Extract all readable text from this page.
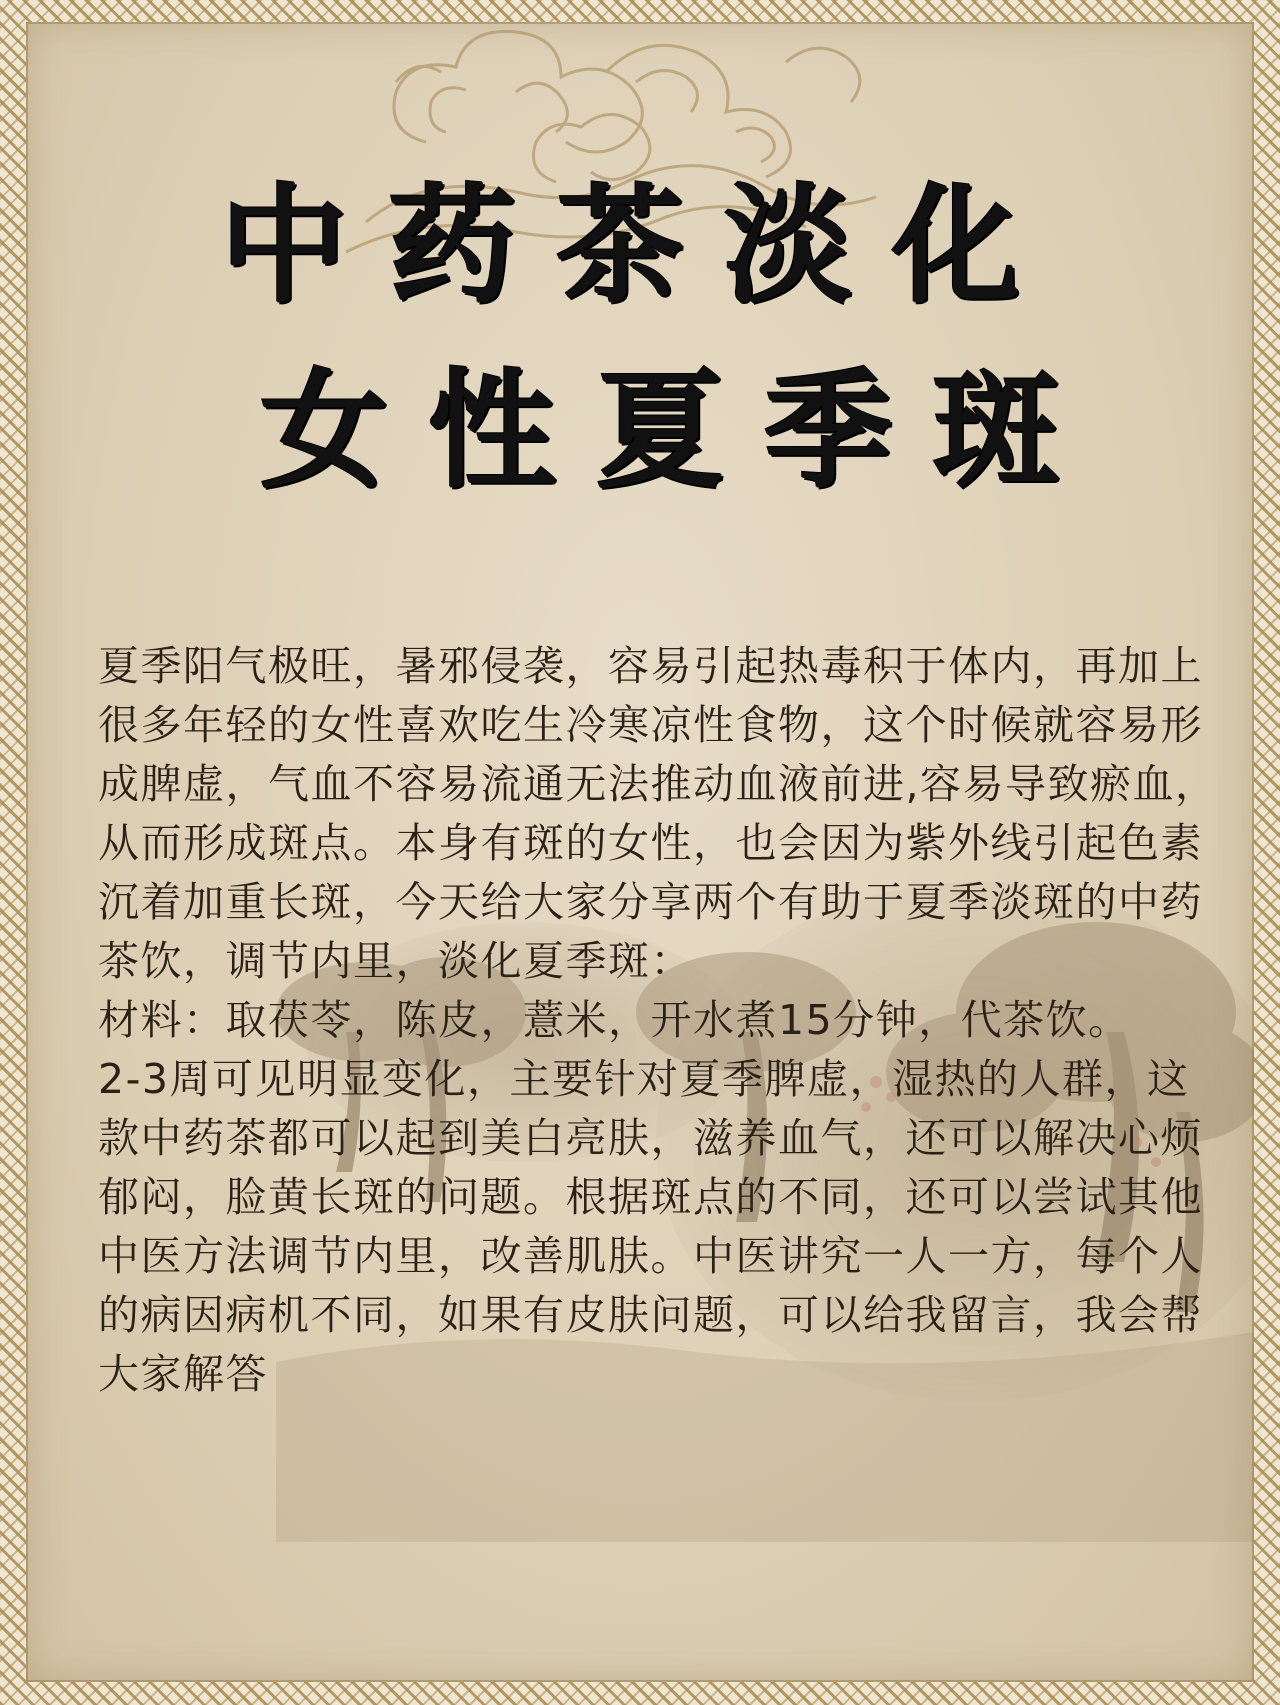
中药茶淡化
女性夏季斑

夏季阳气极旺，暑邪侵袭，容易引起热毒积于体内，再加上很多年轻的女性喜欢吃生冷寒凉性食物，这个时候就容易形成脾虚，气血不容易流通无法推动血液前进,容易导致瘀血，从而形成斑点。本身有斑的女性，也会因为紫外线引起色素沉着加重长斑，今天给大家分享两个有助于夏季淡斑的中药茶饮，调节内里，淡化夏季斑：

材料：取茯苓，陈皮，薏米，开水煮15分钟，代茶饮。

2-3周可见明显变化，主要针对夏季脾虚，湿热的人群，这款中药茶都可以起到美白亮肤，滋养血气，还可以解决心烦郁闷，脸黄长斑的问题。根据斑点的不同，还可以尝试其他中医方法调节内里，改善肌肤。中医讲究一人一方，每个人的病因病机不同，如果有皮肤问题，可以给我留言，我会帮大家解答
